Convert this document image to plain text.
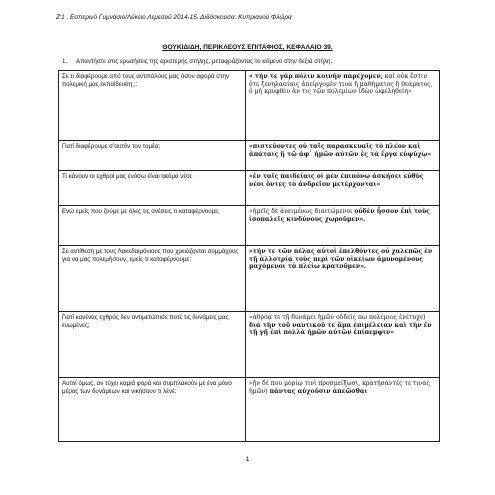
Ζ'1 , Εσπερινό Γυμνάσιο/Λύκειο Λεμεσού 2014-15. Διδάσκουσα: Κυπριανού Φλώρα
ΘΟΥΚΙΔΙΔΗ, ΠΕΡΙΚΛΕΟΥΣ ΕΠΙΤΑΦΙΟΣ, ΚΕΦΑΛΑΙΟ 39.
1. Απαντήστε στις ερωτήσεις της αριστερής στήλης, μεταφράζοντας το κείμενο στην δεξιά στήλη.
Σε τι διαφέρουμε από τους αντιπάλους μας όσον αφορά στην πολεμική μας εκπαίδευση;;:	« τήν τε γάρ πόλιν κοινὴν παρέχομεν, καὶ οὐκ ἔστιν ὅτε ξενηλασίαις ἀπείργομέν τινα ἢ μαθήματος ἢ θεάματος, ὃ μὴ κρυφθὲν ἄν τις τῶν πολεμίων ἰδὼν ὠφεληθείη»
Γιατί διαφέρουμε σ’αυτόν τον τομέα;	«πιστεύοντες οὐ ταῖς παρασκευαῖς τὸ πλέον καὶ ἀπάταις ἢ τῷ ἀφ᾽ ἡμῶν αὐτῶν ἐς τὰ ἔργα εὐψύχῳ»
Τι κάνουν οι εχθροί μας ενόσω είναι ακόμα νέοι;	«ἐν ταῖς παιδείαις οἱ μὲν ἐπιπόνῳ ἀσκήσει εὐθὺς νέοι ὄντες τὸ ἀνδρεῖον μετέρχονται»
Ενώ εμείς που ζούμε με όλες τις ανέσεις τι καταφέρνουμε;	«ἡμεῖς δὲ ἀνειμένως διαιτώμενοι οὐδὲν ἧσσον ἐπὶ τοὺς ἰσοπαλεῖς κινδύνους χωροῦμεν».
Σε αντίθεση με τους Λακεδαιμόνιους που χρειάζονται συμμάχους για να μας πολεμήσουν, εμείς τι καταφέρνουμε;	«τήν τε τῶν πέλας αὐτοὶ ἐπελθόντες οὐ χαλεπῶς ἐν τῇ ἀλλοτρίᾳ τοὺς περὶ τῶν οἰκείων ἀμυνομένους μαχόμενοι τὰ πλείω κρατοῦμεν».
Γιατί κανένας εχθρός δεν αντιμετώπισε ποτέ τις δυνάμεις μας ενωμένες;	«ἁθρόᾳ τε τῇ δυνάμει ἡμῶν οὐδείς πω πολέμιος ἐνέτυχε) διὰ τὴν τοῦ ναυτικοῦ τε ἅμα ἐπιμέλειαν καὶ τὴν ἐν τῇ γῇ ἐπὶ πολλὰ ἡμῶν αὐτῶν ἐπίπεμψιν»
Αυτοί όμως, αν τύχει καμιά φορά και συμπλακούν με ένα μόνο μέρος των δυνάμεων και νικήσουν τι λένε;	«ἤν δέ που μορίῳ τινὶ προσμείξωσι, κρατήσαντές τε τινας ἡμῶν) πάντας αὐχοῦσιν ἀπεῶσθαι
1
